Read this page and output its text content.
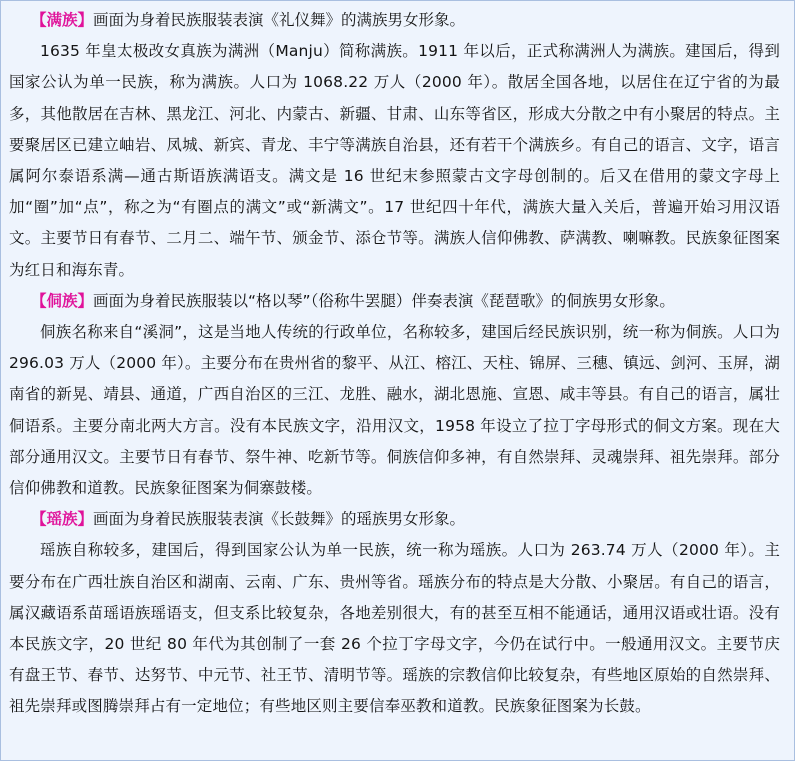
【满族】画面为身着民族服装表演《礼仪舞》的满族男女形象。

1635 年皇太极改女真族为满洲（Manju）简称满族。1911 年以后，正式称满洲人为满族。建国后，得到国家公认为单一民族，称为满族。人口为 1068.22 万人（2000 年）。散居全国各地，以居住在辽宁省的为最多，其他散居在吉林、黑龙江、河北、内蒙古、新疆、甘肃、山东等省区，形成大分散之中有小聚居的特点。主要聚居区已建立岫岩、凤城、新宾、青龙、丰宁等满族自治县，还有若干个满族乡。有自己的语言、文字，语言属阿尔泰语系满—通古斯语族满语支。满文是 16 世纪末参照蒙古文字母创制的。后又在借用的蒙文字母上加“圈”加“点”，称之为“有圈点的满文”或“新满文”。17 世纪四十年代，满族大量入关后，普遍开始习用汉语文。主要节日有春节、二月二、端午节、颁金节、添仓节等。满族人信仰佛教、萨满教、喇嘛教。民族象征图案为红日和海东青。

【侗族】画面为身着民族服装以“格以琴”（俗称牛罢腿）伴奏表演《琵琶歌》的侗族男女形象。

侗族名称来自“溪洞”，这是当地人传统的行政单位，名称较多，建国后经民族识别，统一称为侗族。人口为 296.03 万人（2000 年）。主要分布在贵州省的黎平、从江、榕江、天柱、锦屏、三穗、镇远、剑河、玉屏，湖南省的新晃、靖县、通道，广西自治区的三江、龙胜、融水，湖北恩施、宣恩、咸丰等县。有自己的语言，属壮侗语系。主要分南北两大方言。没有本民族文字，沿用汉文，1958 年设立了拉丁字母形式的侗文方案。现在大部分通用汉文。主要节日有春节、祭牛神、吃新节等。侗族信仰多神，有自然崇拜、灵魂崇拜、祖先崇拜。部分信仰佛教和道教。民族象征图案为侗寨鼓楼。

【瑶族】画面为身着民族服装表演《长鼓舞》的瑶族男女形象。

瑶族自称较多，建国后，得到国家公认为单一民族，统一称为瑶族。人口为 263.74 万人（2000 年）。主要分布在广西壮族自治区和湖南、云南、广东、贵州等省。瑶族分布的特点是大分散、小聚居。有自己的语言，属汉藏语系苗瑶语族瑶语支，但支系比较复杂，各地差别很大，有的甚至互相不能通话，通用汉语或壮语。没有本民族文字，20 世纪 80 年代为其创制了一套 26 个拉丁字母文字，今仍在试行中。一般通用汉文。主要节庆有盘王节、春节、达努节、中元节、社王节、清明节等。瑶族的宗教信仰比较复杂，有些地区原始的自然崇拜、祖先崇拜或图腾崇拜占有一定地位；有些地区则主要信奉巫教和道教。民族象征图案为长鼓。
